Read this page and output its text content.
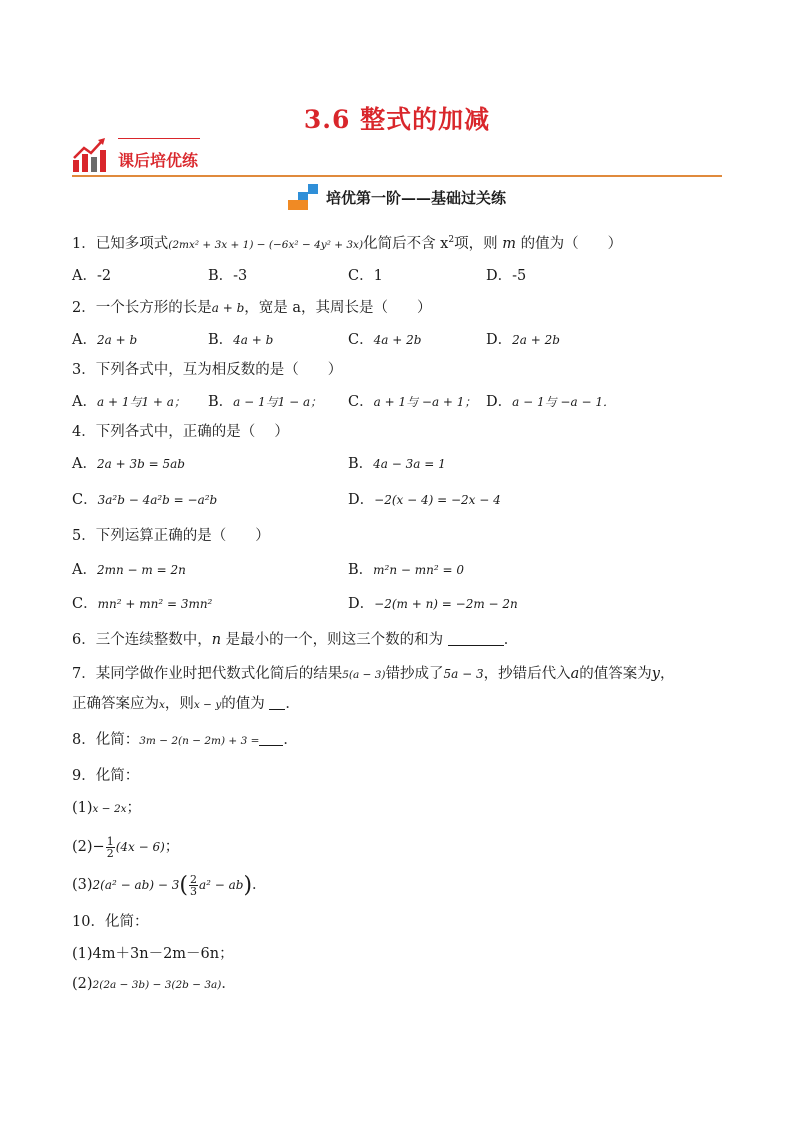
3.6 整式的加减
课后培优练
培优第一阶——基础过关练
1．已知多项式(2mx² + 3x + 1) − (−6x² − 4y² + 3x)化简后不含 $x^2$项，则 m 的值为（　　）
A．-2	B．-3	C．1	D．-5
2．一个长方形的长是a + b，宽是 a，其周长是（　　）
A．2a + b	B．4a + b	C．4a + 2b	D．2a + 2b
3．下列各式中，互为相反数的是（　　）
A．a + 1与1 + a； B．a − 1与1 − a； C．a + 1与 −a + 1； D．a − 1与 −a − 1．
4．下列各式中，正确的是（　 ）
A．2a + 3b = 5ab	B．4a − 3a = 1
C．3a²b − 4a²b = −a²b	D．−2(x − 4) = −2x − 4
5．下列运算正确的是（　　）
A．2mn − m = 2n	B．m²n − mn² = 0
C．mn² + mn² = 3mn²	D．−2(m + n) = −2m − 2n
6．三个连续整数中，n 是最小的一个，则这三个数的和为	．
7．某同学做作业时把代数式化简后的结果5(a − 3)错抄成了5a − 3，抄错后代入a的值答案为y，
正确答案应为x，则x − y的值为 ．
8．化简：3m − 2(n − 2m) + 3 = ．
9．化简：
(1)x − 2x；
$(2)- \frac{1}{2} (4x - 6)$；
$(3)2(a^2 - ab) - 3( \frac{2}{3} a^2 - ab)$．
10．化简：
(1)4m＋3n－2m－6n；
(2)2(2a − 3b) − 3(2b − 3a)．
